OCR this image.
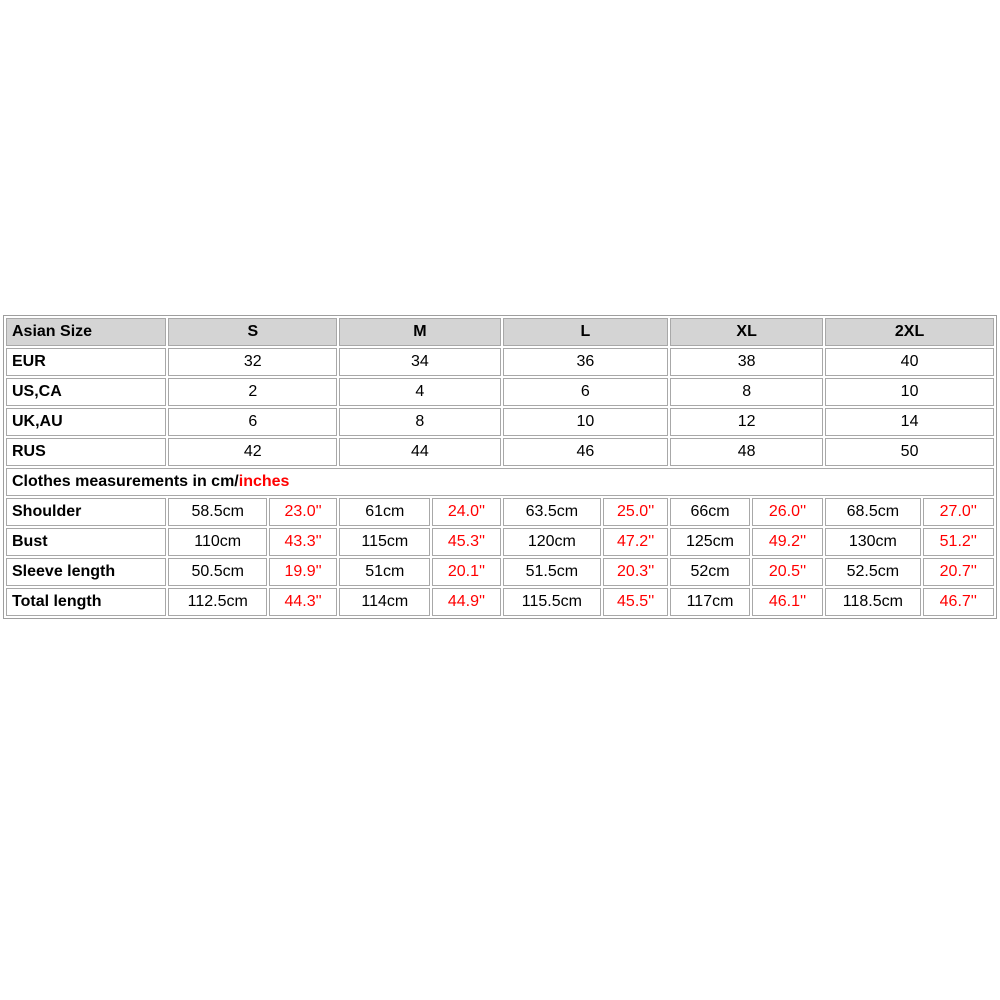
Asian Size	S		M		L		XL		2XL	
EUR	32		34		36		38		40	
US,CA	2		4		6		8		10	
UK,AU	6		8		10		12		14	
RUS	42		44		46		48		50	
Clothes measurements in cm/inches										
Shoulder	58.5cm	23.0''	61cm	24.0''	63.5cm	25.0''	66cm	26.0''	68.5cm	27.0''
Bust	110cm	43.3''	115cm	45.3''	120cm	47.2''	125cm	49.2''	130cm	51.2''
Sleeve length	50.5cm	19.9''	51cm	20.1''	51.5cm	20.3''	52cm	20.5''	52.5cm	20.7''
Total length	112.5cm	44.3''	114cm	44.9''	115.5cm	45.5''	117cm	46.1''	118.5cm	46.7''
